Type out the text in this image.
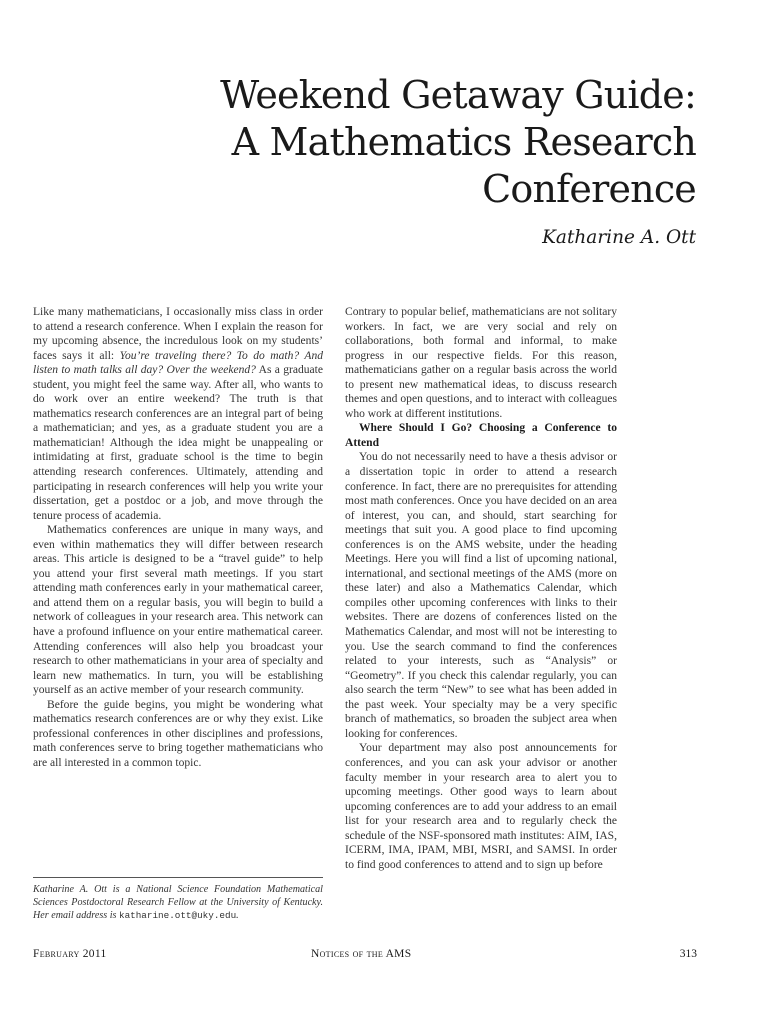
Weekend Getaway Guide:
A Mathematics Research
Conference
Katharine A. Ott

Like many mathematicians, I occasionally miss class in order to attend a research conference. When I explain the reason for my upcoming absence, the incredulous look on my students’ faces says it all: You’re traveling there? To do math? And listen to math talks all day? Over the weekend? As a graduate student, you might feel the same way. After all, who wants to do work over an entire weekend? The truth is that mathematics research conferences are an integral part of being a mathematician; and yes, as a graduate student you are a mathematician! Although the idea might be unappealing or intimidating at first, graduate school is the time to begin attending research conferences. Ultimately, attending and participating in research conferences will help you write your dissertation, get a postdoc or a job, and move through the tenure process of academia.

Mathematics conferences are unique in many ways, and even within mathematics they will differ between research areas. This article is designed to be a “travel guide” to help you attend your first several math meetings. If you start attending math conferences early in your mathematical career, and attend them on a regular basis, you will begin to build a network of colleagues in your research area. This network can have a profound influence on your entire mathematical career. Attending conferences will also help you broadcast your research to other mathematicians in your area of specialty and learn new mathematics. In turn, you will be establishing yourself as an active member of your research community.

Before the guide begins, you might be wondering what mathematics research conferences are or why they exist. Like professional conferences in other disciplines and professions, math conferences serve to bring together mathematicians who are all interested in a common topic.

Katharine A. Ott is a National Science Foundation Mathematical Sciences Postdoctoral Research Fellow at the University of Kentucky. Her email address is katharine.ott@uky.edu.

Contrary to popular belief, mathematicians are not solitary workers. In fact, we are very social and rely on collaborations, both formal and informal, to make progress in our respective fields. For this reason, mathematicians gather on a regular basis across the world to present new mathematical ideas, to discuss research themes and open questions, and to interact with colleagues who work at different institutions.

Where Should I Go? Choosing a Conference to Attend

You do not necessarily need to have a thesis advisor or a dissertation topic in order to attend a research conference. In fact, there are no prerequisites for attending most math conferences. Once you have decided on an area of interest, you can, and should, start searching for meetings that suit you. A good place to find upcoming conferences is on the AMS website, under the heading Meetings. Here you will find a list of upcoming national, international, and sectional meetings of the AMS (more on these later) and also a Mathematics Calendar, which compiles other upcoming conferences with links to their websites. There are dozens of conferences listed on the Mathematics Calendar, and most will not be interesting to you. Use the search command to find the conferences related to your interests, such as “Analysis” or “Geometry”. If you check this calendar regularly, you can also search the term “New” to see what has been added in the past week. Your specialty may be a very specific branch of mathematics, so broaden the subject area when looking for conferences.

Your department may also post announcements for conferences, and you can ask your advisor or another faculty member in your research area to alert you to upcoming meetings. Other good ways to learn about upcoming conferences are to add your address to an email list for your research area and to regularly check the schedule of the NSF-sponsored math institutes: AIM, IAS, ICERM, IMA, IPAM, MBI, MSRI, and SAMSI. In order to find good conferences to attend and to sign up before

February 2011	Notices of the AMS	313
